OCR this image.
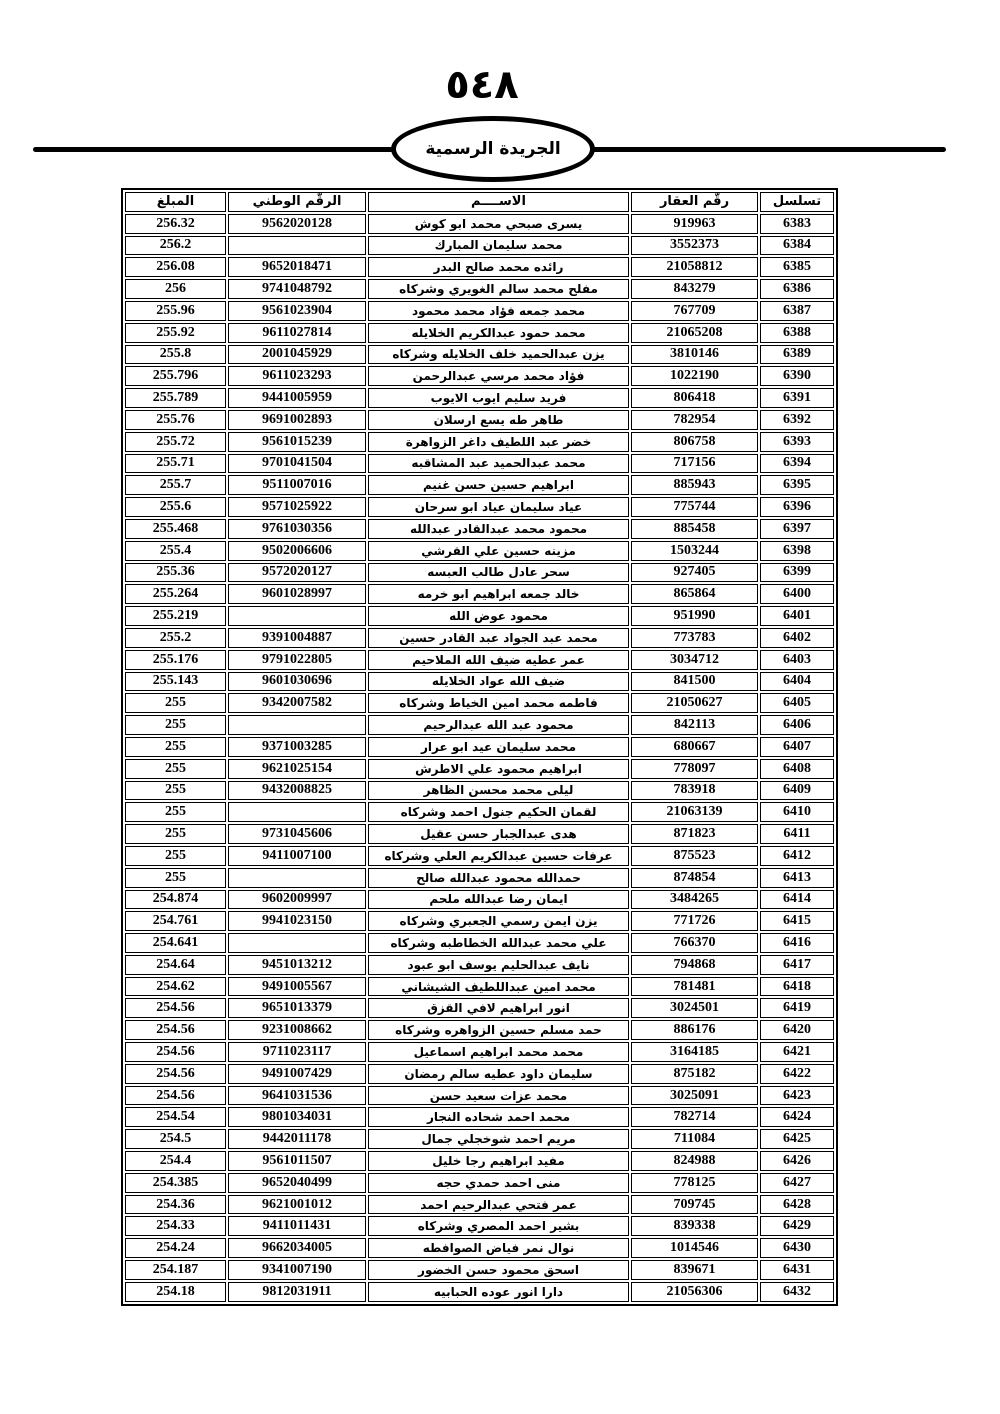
٥٤٨
الجريدة الرسمية
تسلسل	رقّم العقار	الاســــم	الرقّم الوطني	المبلغ
6383	919963	يسرى صبحي محمد ابو كوش	9562020128	256.32
6384	3552373	محمد سليمان المبارك		256.2
6385	21058812	رائده محمد صالح البدر	9652018471	256.08
6386	843279	مفلح محمد سالم الغويري وشركاه	9741048792	256
6387	767709	محمد جمعه فؤاد محمد محمود	9561023904	255.96
6388	21065208	محمد حمود عبدالكريم الخلايله	9611027814	255.92
6389	3810146	يزن عبدالحميد خلف الخلايله وشركاه	2001045929	255.8
6390	1022190	فؤاد محمد مرسي عبدالرحمن	9611023293	255.796
6391	806418	فريد سليم ايوب الايوب	9441005959	255.789
6392	782954	طاهر طه يسع ارسلان	9691002893	255.76
6393	806758	خضر عبد اللطيف داغر الزواهرة	9561015239	255.72
6394	717156	محمد عبدالحميد عبد المشاقبه	9701041504	255.71
6395	885943	ابراهيم حسين حسن غنيم	9511007016	255.7
6396	775744	عياد سليمان عياد ابو سرحان	9571025922	255.6
6397	885458	محمود محمد عبدالقادر عبدالله	9761030356	255.468
6398	1503244	مزينه حسين علي القرشي	9502006606	255.4
6399	927405	سحر عادل طالب العبسه	9572020127	255.36
6400	865864	خالد جمعه ابراهيم ابو خرمه	9601028997	255.264
6401	951990	محمود عوض الله		255.219
6402	773783	محمد عبد الجواد عبد القادر حسين	9391004887	255.2
6403	3034712	عمر عطيه ضيف الله الملاحيم	9791022805	255.176
6404	841500	ضيف الله عواد الخلايله	9601030696	255.143
6405	21050627	فاطمه محمد امين الخياط وشركاه	9342007582	255
6406	842113	محمود عبد الله عبدالرحيم		255
6407	680667	محمد سليمان عيد ابو عرار	9371003285	255
6408	778097	ابراهيم محمود علي الاطرش	9621025154	255
6409	783918	ليلى محمد محسن الظاهر	9432008825	255
6410	21063139	لقمان الحكيم جنول احمد وشركاه		255
6411	871823	هدى عبدالجبار حسن عقيل	9731045606	255
6412	875523	عرفات حسين عبدالكريم العلي وشركاه	9411007100	255
6413	874854	حمدالله محمود عبدالله صالح		255
6414	3484265	ايمان رضا عبدالله ملحم	9602009997	254.874
6415	771726	يزن ايمن رسمي الجعبري وشركاه	9941023150	254.761
6416	766370	علي محمد عبدالله الخطاطبه وشركاه		254.641
6417	794868	نايف عبدالحليم يوسف ابو عبود	9451013212	254.64
6418	781481	محمد امين عبداللطيف الشيشاني	9491005567	254.62
6419	3024501	انور ابراهيم لافي القزق	9651013379	254.56
6420	886176	حمد مسلم حسين الزواهره وشركاه	9231008662	254.56
6421	3164185	محمد محمد ابراهيم اسماعيل	9711023117	254.56
6422	875182	سليمان داود عطيه سالم رمضان	9491007429	254.56
6423	3025091	محمد عزات سعيد حسن	9641031536	254.56
6424	782714	محمد احمد شحاده النجار	9801034031	254.54
6425	711084	مريم احمد شوخجلي جمال	9442011178	254.5
6426	824988	مفيد ابراهيم رجا خليل	9561011507	254.4
6427	778125	منى احمد حمدي حجه	9652040499	254.385
6428	709745	عمر فتحي عبدالرحيم احمد	9621001012	254.36
6429	839338	بشير احمد المصري وشركاه	9411011431	254.33
6430	1014546	نوال نمر فياض الصوافطه	9662034005	254.24
6431	839671	اسحق محمود حسن الخضور	9341007190	254.187
6432	21056306	دارا انور عوده الحبابيه	9812031911	254.18
